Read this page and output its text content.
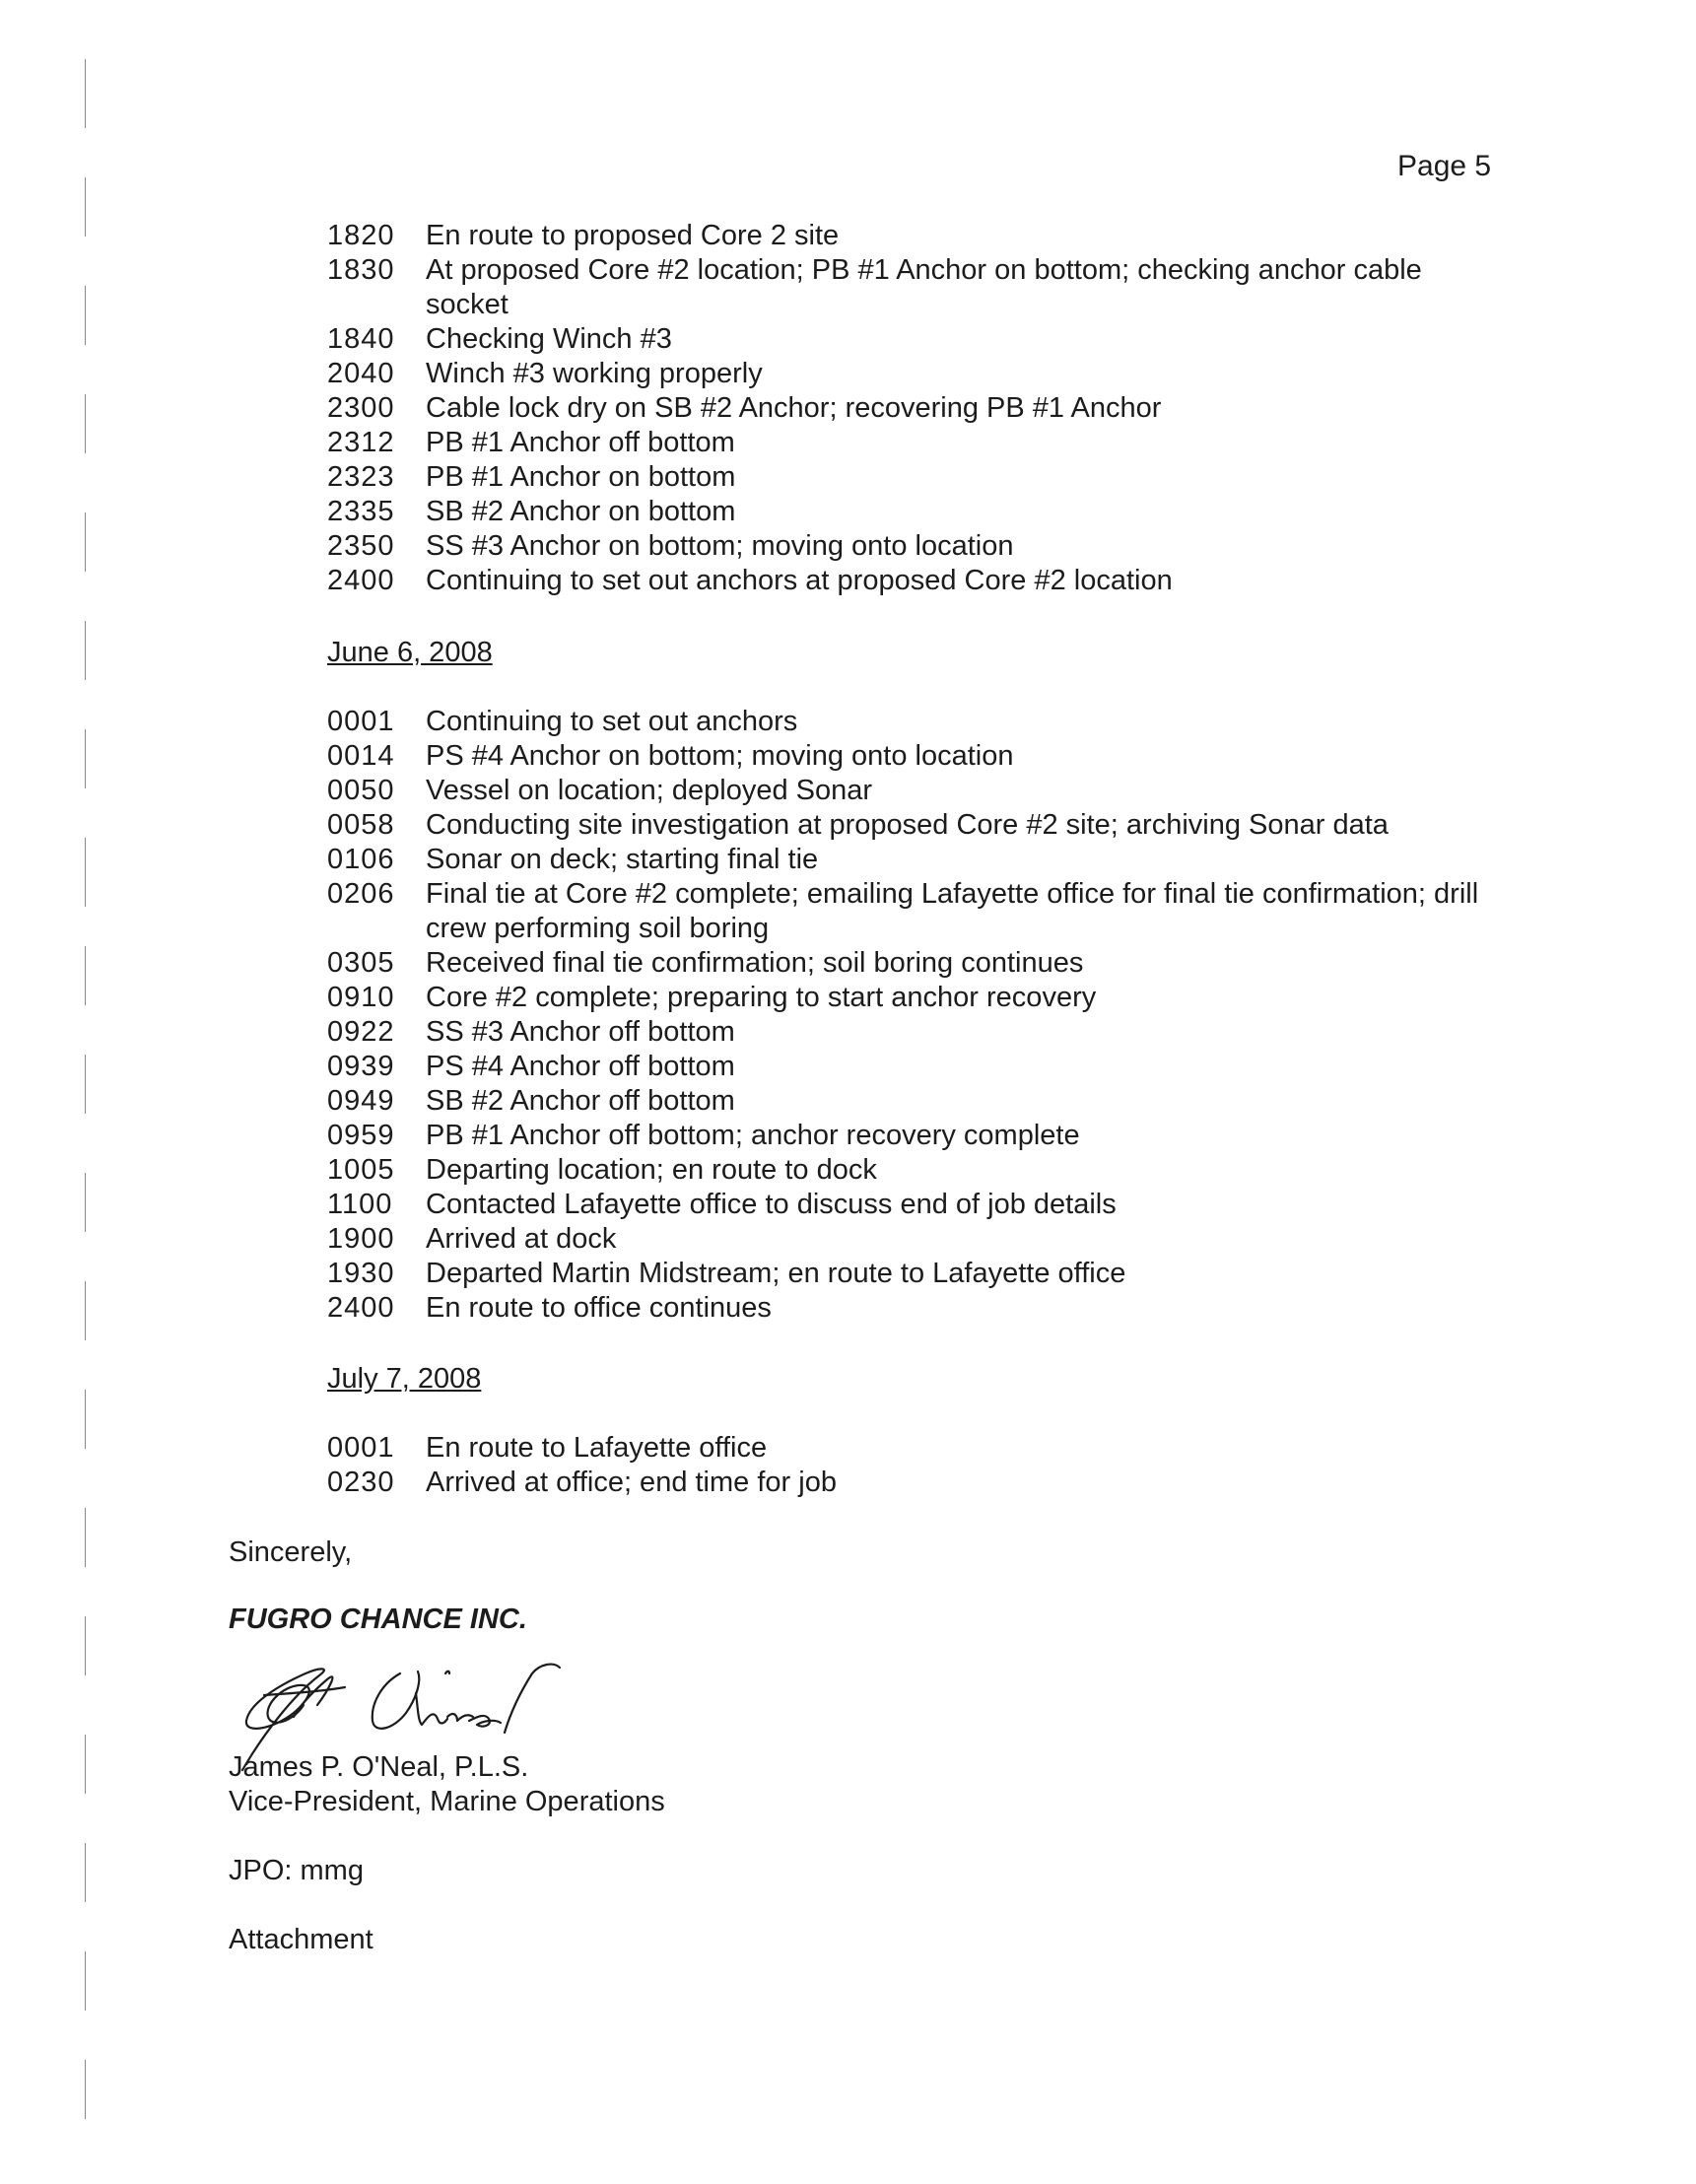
Page 5
1820	En route to proposed Core 2 site
1830	At proposed Core #2 location; PB #1 Anchor on bottom; checking anchor cable socket
1840	Checking Winch #3
2040	Winch #3 working properly
2300	Cable lock dry on SB #2 Anchor; recovering PB #1 Anchor
2312	PB #1 Anchor off bottom
2323	PB #1 Anchor on bottom
2335	SB #2 Anchor on bottom
2350	SS #3 Anchor on bottom; moving onto location
2400	Continuing to set out anchors at proposed Core #2 location
June 6, 2008
0001	Continuing to set out anchors
0014	PS #4 Anchor on bottom; moving onto location
0050	Vessel on location; deployed Sonar
0058	Conducting site investigation at proposed Core #2 site; archiving Sonar data
0106	Sonar on deck; starting final tie
0206	Final tie at Core #2 complete; emailing Lafayette office for final tie confirmation; drill crew performing soil boring
0305	Received final tie confirmation; soil boring continues
0910	Core #2 complete; preparing to start anchor recovery
0922	SS #3 Anchor off bottom
0939	PS #4 Anchor off bottom
0949	SB #2 Anchor off bottom
0959	PB #1 Anchor off bottom; anchor recovery complete
1005	Departing location; en route to dock
1100	Contacted Lafayette office to discuss end of job details
1900	Arrived at dock
1930	Departed Martin Midstream; en route to Lafayette office
2400	En route to office continues
July 7, 2008
0001	En route to Lafayette office
0230	Arrived at office; end time for job
Sincerely,
FUGRO CHANCE INC.
James P. O'Neal, P.L.S.
Vice-President, Marine Operations
JPO: mmg
Attachment
